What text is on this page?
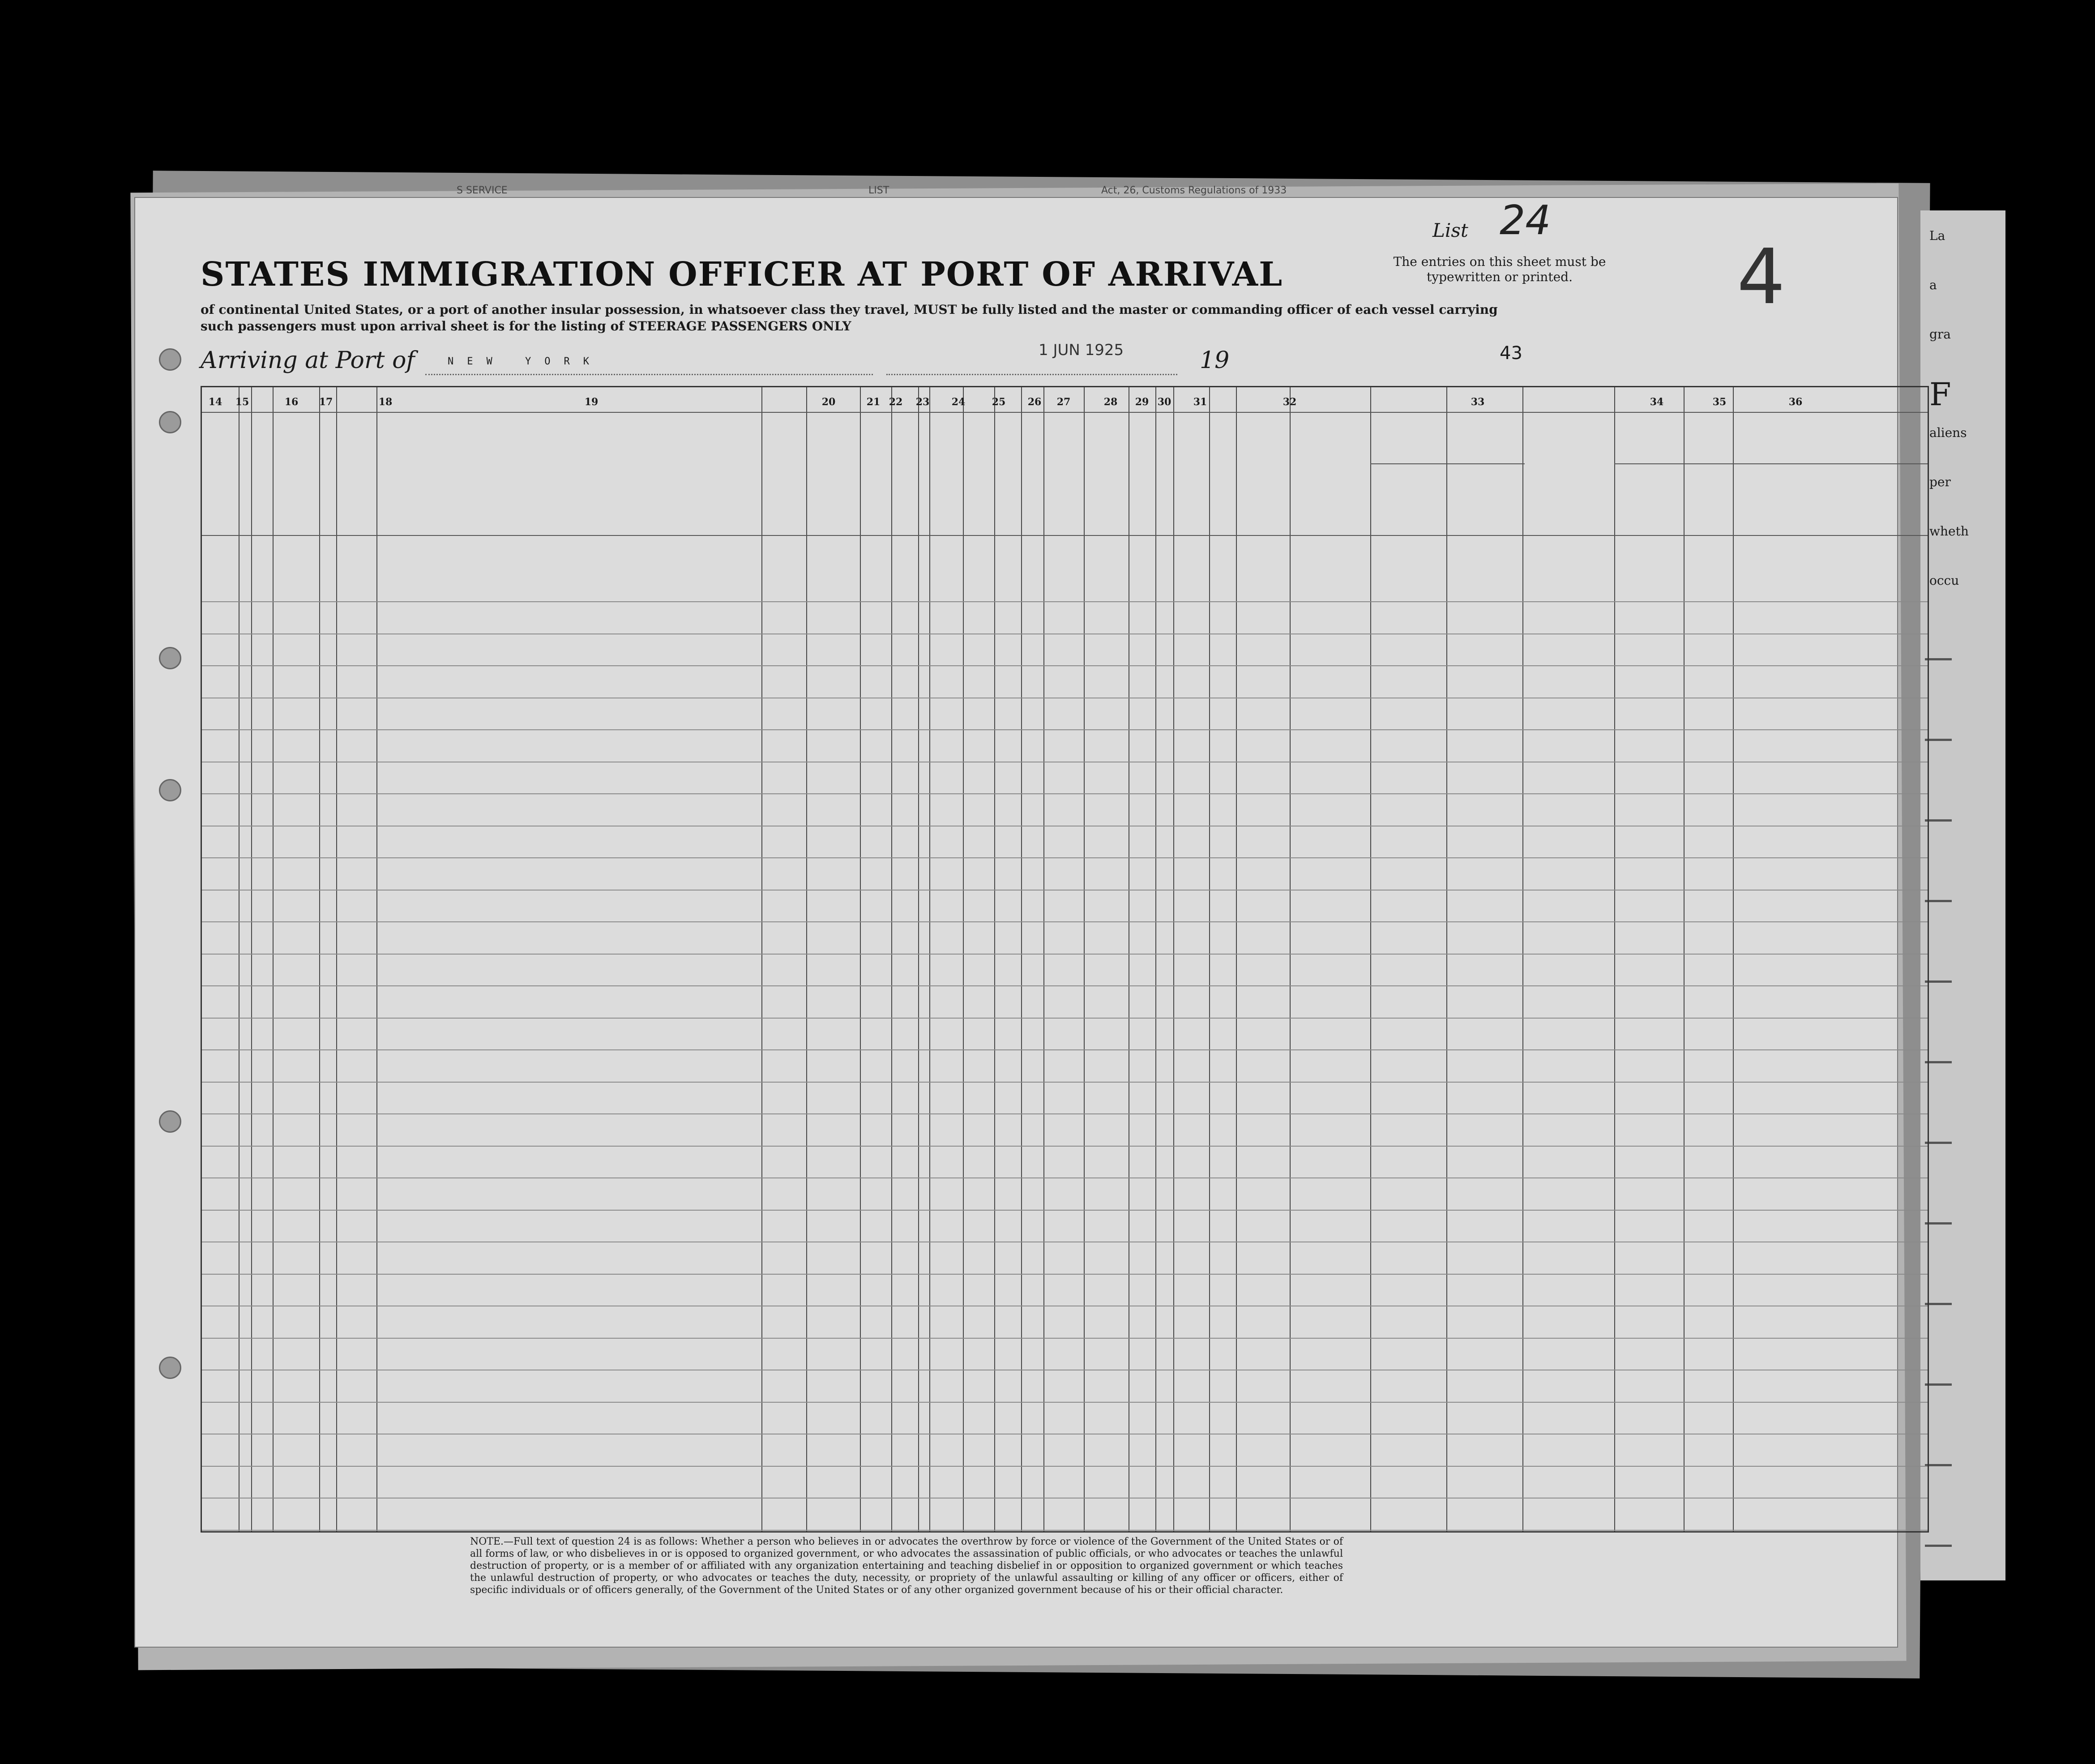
La
a
gra
F
aliens
per
wheth
occu
S SERVICE	LIST	Act, 26, Customs Regulations of 1933
STATES IMMIGRATION OFFICER AT PORT OF ARRIVAL
List 24
The entries on this sheet must be typewritten or printed.	4
of continental United States, or a port of another insular possession, in whatsoever class they travel, MUST be fully listed and the master or commanding officer of each vessel carrying such passengers must upon arrival sheet is for the listing of STEERAGE PASSENGERS ONLY
Arriving at Port of	NEW YORK
1 JUN 1925	19	43
14 15	16 17	18	19	20	21 22 23 24	25 26 27	28 29 30 31	32	33	34	35	36
NOTE.—Full text of question 24 is as follows: Whether a person who believes in or advocates the overthrow by force or violence of the Government of the United States or of all forms of law, or who disbelieves in or is opposed to organized government, or who advocates the assassination of public officials, or who advocates or teaches the unlawful destruction of property, or is a member of or affiliated with any organization entertaining and teaching disbelief in or opposition to organized government or which teaches the unlawful destruction of property, or who advocates or teaches the duty, necessity, or propriety of the unlawful assaulting or killing of any officer or officers, either of specific individuals or of officers generally, of the Government of the United States or of any other organized government because of his or their official character.
